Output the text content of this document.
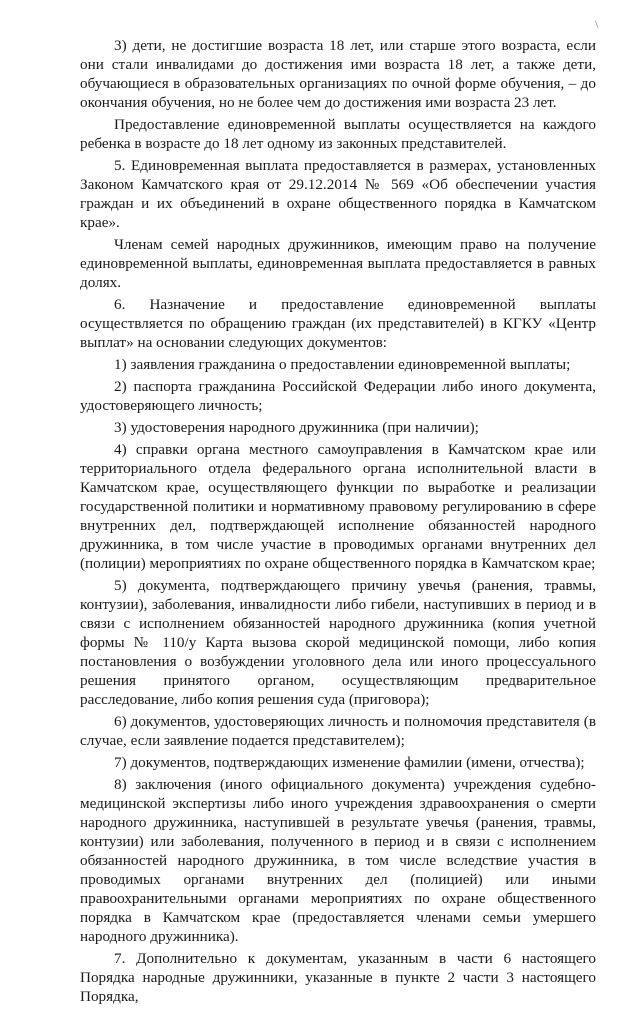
\

3) дети, не достигшие возраста 18 лет, или старше этого возраста, если они стали инвалидами до достижения ими возраста 18 лет, а также дети, обучающиеся в образовательных организациях по очной форме обучения, – до окончания обучения, но не более чем до достижения ими возраста 23 лет.

Предоставление единовременной выплаты осуществляется на каждого ребенка в возрасте до 18 лет одному из законных представителей.

5. Единовременная выплата предоставляется в размерах, установленных Законом Камчатского края от 29.12.2014 № 569 «Об обеспечении участия граждан и их объединений в охране общественного порядка в Камчатском крае».

Членам семей народных дружинников, имеющим право на получение единовременной выплаты, единовременная выплата предоставляется в равных долях.

6. Назначение и предоставление единовременной выплаты осуществляется по обращению граждан (их представителей) в КГКУ «Центр выплат» на основании следующих документов:

1) заявления гражданина о предоставлении единовременной выплаты;

2) паспорта гражданина Российской Федерации либо иного документа, удостоверяющего личность;

3) удостоверения народного дружинника (при наличии);

4) справки органа местного самоуправления в Камчатском крае или территориального отдела федерального органа исполнительной власти в Камчатском крае, осуществляющего функции по выработке и реализации государственной политики и нормативному правовому регулированию в сфере внутренних дел, подтверждающей исполнение обязанностей народного дружинника, в том числе участие в проводимых органами внутренних дел (полиции) мероприятиях по охране общественного порядка в Камчатском крае;

5) документа, подтверждающего причину увечья (ранения, травмы, контузии), заболевания, инвалидности либо гибели, наступивших в период и в связи с исполнением обязанностей народного дружинника (копия учетной формы № 110/у Карта вызова скорой медицинской помощи, либо копия постановления о возбуждении уголовного дела или иного процессуального решения принятого органом, осуществляющим предварительное расследование, либо копия решения суда (приговора);

6) документов, удостоверяющих личность и полномочия представителя (в случае, если заявление подается представителем);

7) документов, подтверждающих изменение фамилии (имени, отчества);

8) заключения (иного официального документа) учреждения судебно-медицинской экспертизы либо иного учреждения здравоохранения о смерти народного дружинника, наступившей в результате увечья (ранения, травмы, контузии) или заболевания, полученного в период и в связи с исполнением обязанностей народного дружинника, в том числе вследствие участия в проводимых органами внутренних дел (полицией) или иными правоохранительными органами мероприятиях по охране общественного порядка в Камчатском крае (предоставляется членами семьи умершего народного дружинника).

7. Дополнительно к документам, указанным в части 6 настоящего Порядка народные дружинники, указанные в пункте 2 части 3 настоящего Порядка,
